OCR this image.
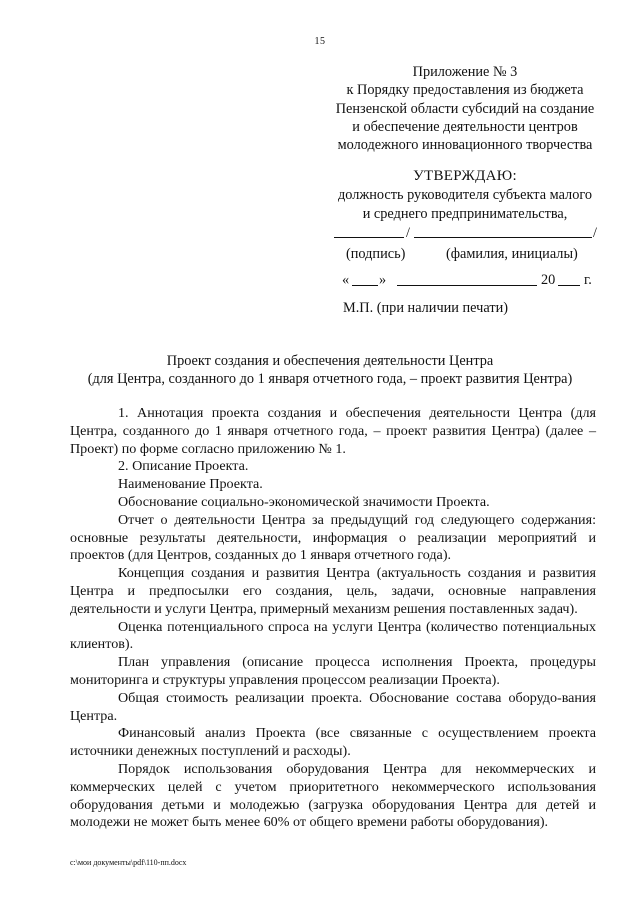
15
Приложение № 3
к Порядку предоставления из бюджета
Пензенской области субсидий на создание
и обеспечение деятельности центров
молодежного инновационного творчества
УТВЕРЖДАЮ:
должность руководителя субъекта малого
и среднего предпринимательства,
/	/
(подпись)	(фамилия, инициалы)
« »	20 г.
М.П. (при наличии печати)
Проект создания и обеспечения деятельности Центра
(для Центра, созданного до 1 января отчетного года, – проект развития Центра)

1. Аннотация проекта создания и обеспечения деятельности Центра (для Центра, созданного до 1 января отчетного года, – проект развития Центра) (далее – Проект) по форме согласно приложению № 1.

2. Описание Проекта.

Наименование Проекта.

Обоснование социально-экономической значимости Проекта.

Отчет о деятельности Центра за предыдущий год следующего содержания: основные результаты деятельности, информация о реализации мероприятий и проектов (для Центров, созданных до 1 января отчетного года).

Концепция создания и развития Центра (актуальность создания и развития Центра и предпосылки его создания, цель, задачи, основные направления деятельности и услуги Центра, примерный механизм решения поставленных задач).

Оценка потенциального спроса на услуги Центра (количество потенциальных клиентов).

План управления (описание процесса исполнения Проекта, процедуры мониторинга и структуры управления процессом реализации Проекта).

Общая стоимость реализации проекта. Обоснование состава оборудо-вания Центра.

Финансовый анализ Проекта (все связанные с осуществлением проекта источники денежных поступлений и расходы).

Порядок использования оборудования Центра для некоммерческих и коммерческих целей с учетом приоритетного некоммерческого использования оборудования детьми и молодежью (загрузка оборудования Центра для детей и молодежи не может быть менее 60% от общего времени работы оборудования).

c:\мои документы\pdf\110-пп.docx
